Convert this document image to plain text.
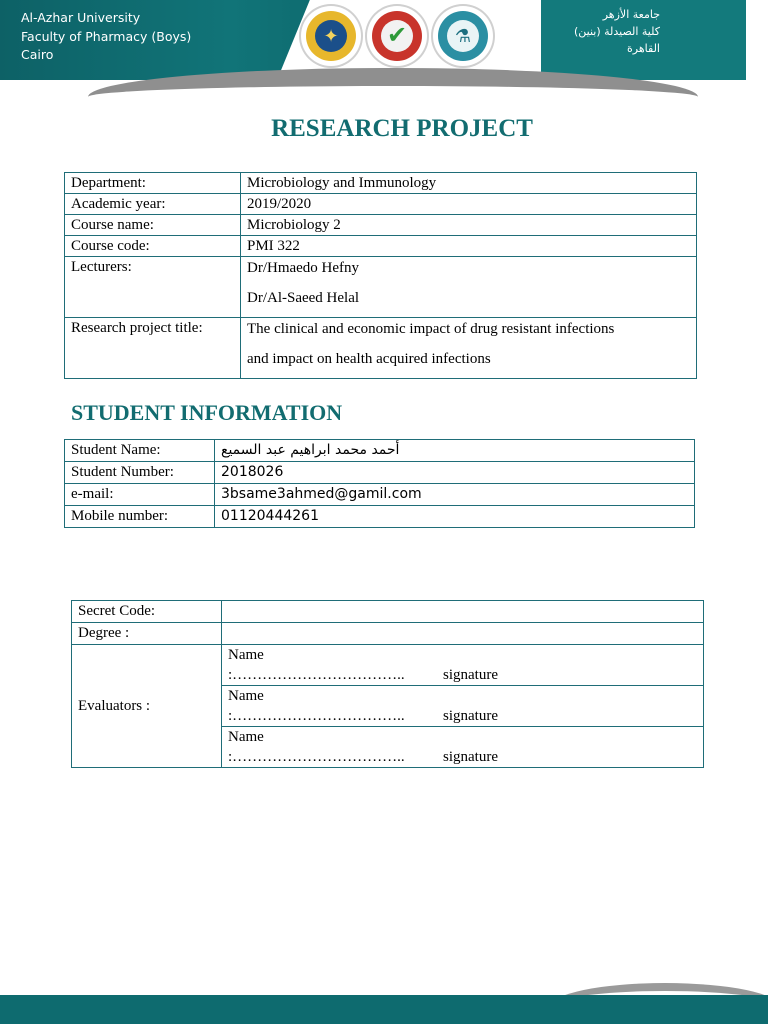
Al-Azhar University
Faculty of Pharmacy (Boys)
Cairo
جامعة الأزهر
كلية الصيدلة (بنين)
القاهرة
✦	✔	⚗
RESEARCH PROJECT
Department:	Microbiology and Immunology
Academic year:	2019/2020
Course name:	Microbiology 2
Course code:	PMI 322
Lecturers:	Dr/Hmaedo Hefny
Dr/Al-Saeed Helal

Research project title:	The clinical and economic impact of drug resistant infections
and impact on health acquired infections
STUDENT INFORMATION
Student Name:	أحمد محمد ابراهيم عبد السميع
Student Number:	2018026
e-mail:	3bsame3ahmed@gamil.com
Mobile number:	01120444261
Secret Code:	
Degree :	
Evaluators :	Name :…………………………….. signature
	Name :…………………………….. signature
	Name :…………………………….. signature
